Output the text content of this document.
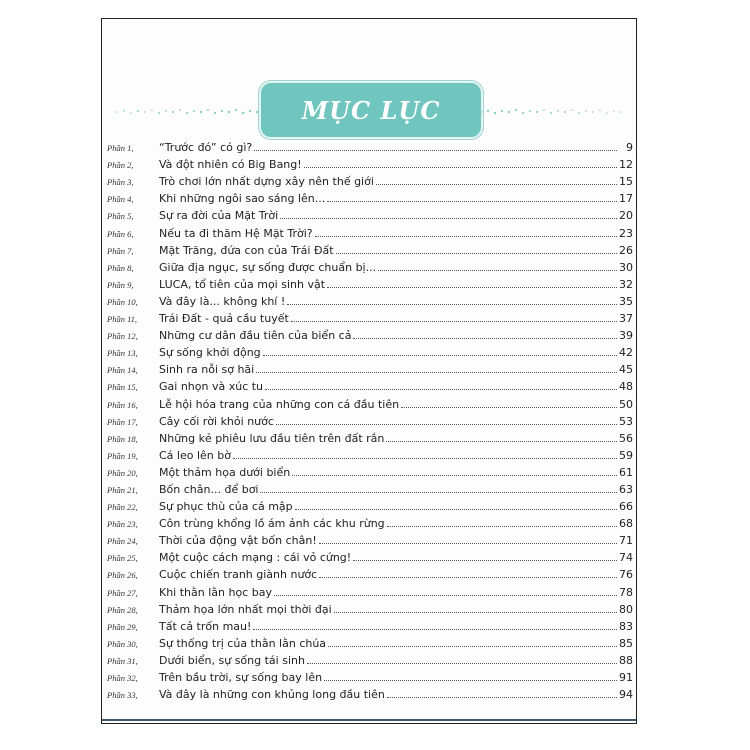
MỤC LỤC
Phần 1,	“Trước đó” có gì?	9
Phần 2,	Và đột nhiên có Big Bang!	12
Phần 3,	Trò chơi lớn nhất dựng xây nên thế giới	15
Phần 4,	Khi những ngôi sao sáng lên...	17
Phần 5,	Sự ra đời của Mặt Trời	20
Phần 6,	Nếu ta đi thăm Hệ Mặt Trời?	23
Phần 7,	Mặt Trăng, đứa con của Trái Đất	26
Phần 8,	Giữa địa ngục, sự sống được chuẩn bị...	30
Phần 9,	LUCA, tổ tiên của mọi sinh vật	32
Phần 10,	Và đây là... không khí !	35
Phần 11,	Trái Đất - quả cầu tuyết	37
Phần 12,	Những cư dân đầu tiên của biển cả	39
Phần 13,	Sự sống khởi động	42
Phần 14,	Sinh ra nỗi sợ hãi	45
Phần 15,	Gai nhọn và xúc tu	48
Phần 16,	Lễ hội hóa trang của những con cá đầu tiên	50
Phần 17,	Cây cối rời khỏi nước	53
Phần 18,	Những kẻ phiêu lưu đầu tiên trên đất rắn	56
Phần 19,	Cá leo lên bờ	59
Phần 20,	Một thảm họa dưới biển	61
Phần 21,	Bốn chân... để bơi	63
Phần 22,	Sự phục thù của cá mập	66
Phần 23,	Côn trùng khổng lồ ám ảnh các khu rừng	68
Phần 24,	Thời của động vật bốn chân!	71
Phần 25,	Một cuộc cách mạng : cái vỏ cứng!	74
Phần 26,	Cuộc chiến tranh giành nước	76
Phần 27,	Khi thằn lằn học bay	78
Phần 28,	Thảm họa lớn nhất mọi thời đại	80
Phần 29,	Tất cả trốn mau!	83
Phần 30,	Sự thống trị của thằn lằn chúa	85
Phần 31,	Dưới biển, sự sống tái sinh	88
Phần 32,	Trên bầu trời, sự sống bay lên	91
Phần 33,	Và đây là những con khủng long đầu tiên	94
